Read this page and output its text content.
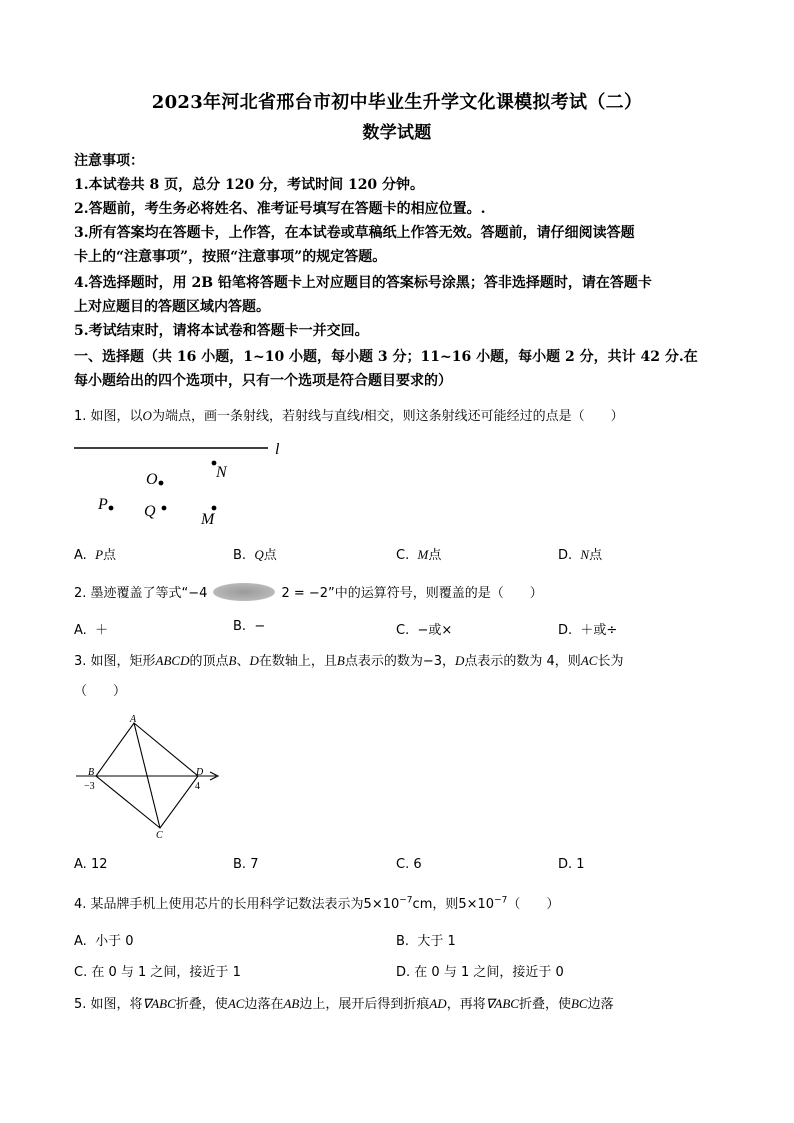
2023年河北省邢台市初中毕业生升学文化课模拟考试（二）
数学试题
注意事项：
1.本试卷共 8 页，总分 120 分，考试时间 120 分钟。
2.答题前，考生务必将姓名、准考证号填写在答题卡的相应位置。.
3.所有答案均在答题卡，上作答，在本试卷或草稿纸上作答无效。答题前，请仔细阅读答题
卡上的“注意事项”，按照“注意事项”的规定答题。
4.答选择题时，用 2B 铅笔将答题卡上对应题目的答案标号涂黑；答非选择题时，请在答题卡
上对应题目的答题区域内答题。
5.考试结束时，请将本试卷和答题卡一并交回。
一、选择题（共 16 小题，1~10 小题，每小题 3 分；11~16 小题，每小题 2 分，共计 42 分.在
每小题给出的四个选项中，只有一个选项是符合题目要求的）
1. 如图，以O为端点，画一条射线，若射线与直线l相交，则这条射线还可能经过的点是（　　）
l
O	N
P Q	M
A. P点	B. Q点	C. M点	D. N点
2. 墨迹覆盖了等式“−4	2 = −2”中的运算符号，则覆盖的是（　　）
A. ＋	B. −	C. −或×	D. ＋或÷
3. 如图，矩形ABCD的顶点B、D在数轴上，且B点表示的数为−3，D点表示的数为 4，则AC长为
（　　）
A
B	D
C
−3	4
A. 12	B. 7	C. 6	D. 1
4. 某品牌手机上使用芯片的长用科学记数法表示为$5\times 10^{-7}cm$，则$5\times 10^{-7}$（　　）
A. 小于 0	B. 大于 1
C. 在 0 与 1 之间，接近于 1	D. 在 0 与 1 之间，接近于 0
5. 如图，将∇ABC折叠，使AC边落在AB边上，展开后得到折痕AD，再将∇ABC折叠，使BC边落
